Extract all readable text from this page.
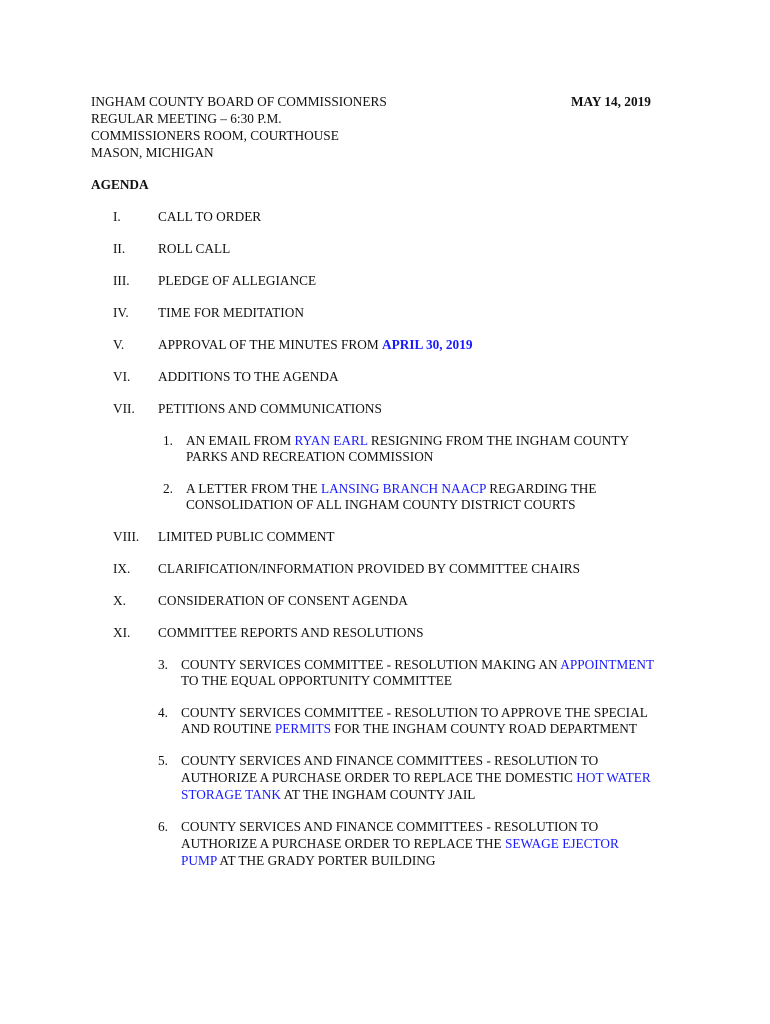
INGHAM COUNTY BOARD OF COMMISSIONERS	MAY 14, 2019
REGULAR MEETING – 6:30 P.M.
COMMISSIONERS ROOM, COURTHOUSE
MASON, MICHIGAN
AGENDA
I.	CALL TO ORDER
II. ROLL CALL
III. PLEDGE OF ALLEGIANCE
IV. TIME FOR MEDITATION
V.	APPROVAL OF THE MINUTES FROM APRIL 30, 2019
VI. ADDITIONS TO THE AGENDA
VII. PETITIONS AND COMMUNICATIONS
1. AN EMAIL FROM RYAN EARL RESIGNING FROM THE INGHAM COUNTY
PARKS AND RECREATION COMMISSION
2. A LETTER FROM THE LANSING BRANCH NAACP REGARDING THE
CONSOLIDATION OF ALL INGHAM COUNTY DISTRICT COURTS
VIII. LIMITED PUBLIC COMMENT
IX. CLARIFICATION/INFORMATION PROVIDED BY COMMITTEE CHAIRS
X. CONSIDERATION OF CONSENT AGENDA
XI. COMMITTEE REPORTS AND RESOLUTIONS
3. COUNTY SERVICES COMMITTEE - RESOLUTION MAKING AN APPOINTMENT
TO THE EQUAL OPPORTUNITY COMMITTEE
4. COUNTY SERVICES COMMITTEE - RESOLUTION TO APPROVE THE SPECIAL
AND ROUTINE PERMITS FOR THE INGHAM COUNTY ROAD DEPARTMENT
5. COUNTY SERVICES AND FINANCE COMMITTEES - RESOLUTION TO
AUTHORIZE A PURCHASE ORDER TO REPLACE THE DOMESTIC HOT WATER
STORAGE TANK AT THE INGHAM COUNTY JAIL
6. COUNTY SERVICES AND FINANCE COMMITTEES - RESOLUTION TO
AUTHORIZE A PURCHASE ORDER TO REPLACE THE SEWAGE EJECTOR
PUMP AT THE GRADY PORTER BUILDING
